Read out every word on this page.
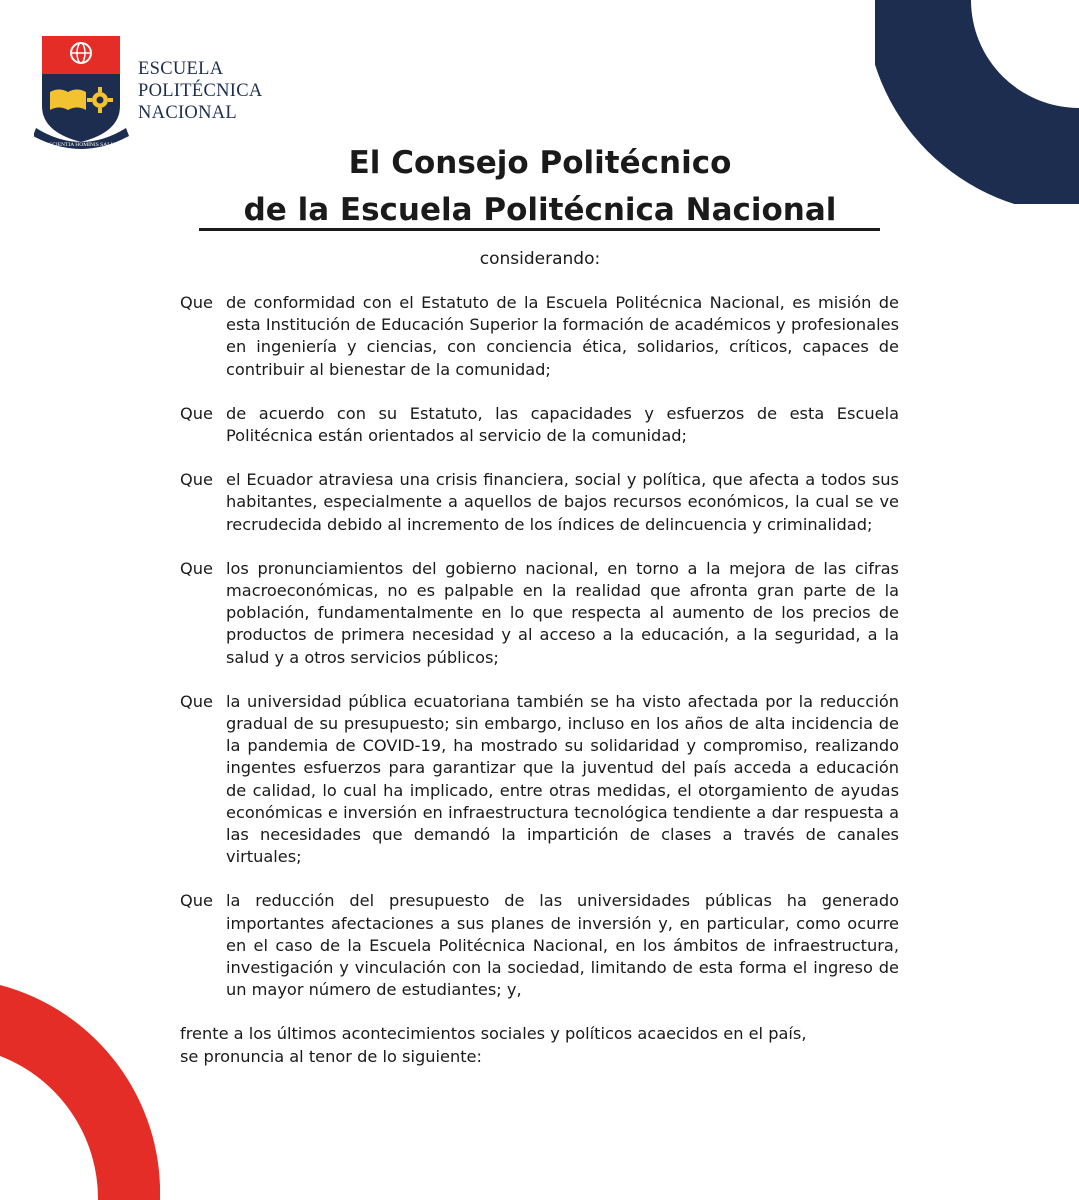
E SCIENTIA HOMINIS SALUS
ESCUELA
POLITÉCNICA
NACIONAL
El Consejo Politécnico
de la Escuela Politécnica Nacional
considerando:
Que de conformidad con el Estatuto de la Escuela Politécnica Nacional, es misión de esta Institución de Educación Superior la formación de académicos y profesionales en ingeniería y ciencias, con conciencia ética, solidarios, críticos, capaces de contribuir al bienestar de la comunidad;
Que de acuerdo con su Estatuto, las capacidades y esfuerzos de esta Escuela Politécnica están orientados al servicio de la comunidad;
Que el Ecuador atraviesa una crisis financiera, social y política, que afecta a todos sus habitantes, especialmente a aquellos de bajos recursos económicos, la cual se ve recrudecida debido al incremento de los índices de delincuencia y criminalidad;
Que los pronunciamientos del gobierno nacional, en torno a la mejora de las cifras macroeconómicas, no es palpable en la realidad que afronta gran parte de la población, fundamentalmente en lo que respecta al aumento de los precios de productos de primera necesidad y al acceso a la educación, a la seguridad, a la salud y a otros servicios públicos;
Que la universidad pública ecuatoriana también se ha visto afectada por la reducción gradual de su presupuesto; sin embargo, incluso en los años de alta incidencia de la pandemia de COVID-19, ha mostrado su solidaridad y compromiso, realizando ingentes esfuerzos para garantizar que la juventud del país acceda a educación de calidad, lo cual ha implicado, entre otras medidas, el otorgamiento de ayudas económicas e inversión en infraestructura tecnológica tendiente a dar respuesta a las necesidades que demandó la impartición de clases a través de canales virtuales;
Que la reducción del presupuesto de las universidades públicas ha generado importantes afectaciones a sus planes de inversión y, en particular, como ocurre en el caso de la Escuela Politécnica Nacional, en los ámbitos de infraestructura, investigación y vinculación con la sociedad, limitando de esta forma el ingreso de un mayor número de estudiantes; y,
frente a los últimos acontecimientos sociales y políticos acaecidos en el país,
se pronuncia al tenor de lo siguiente:
